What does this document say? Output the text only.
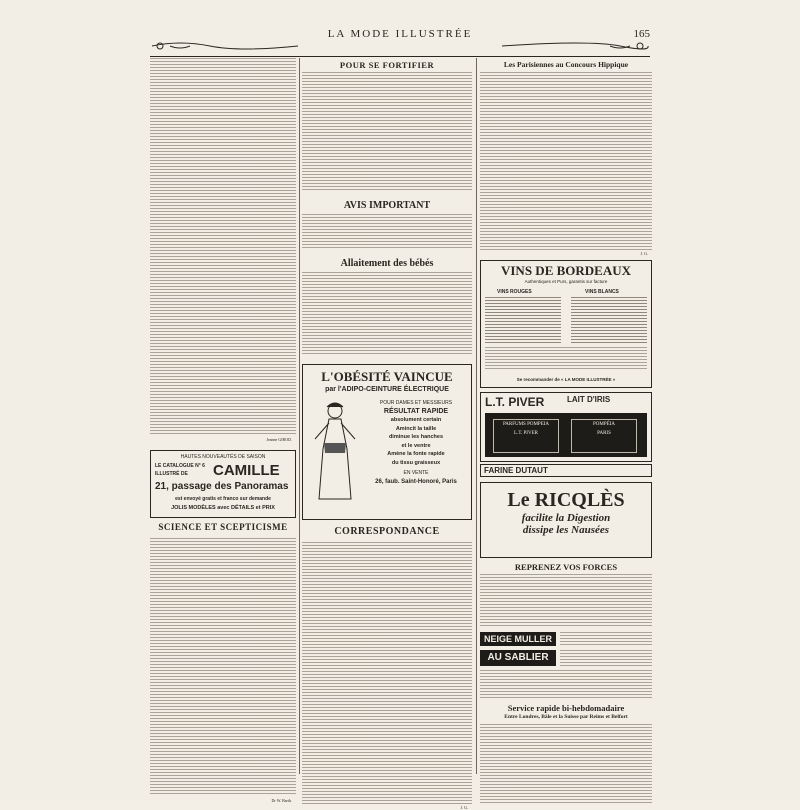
LA MODE ILLUSTRÉE	165
Jeanne GIROD.
HAUTES NOUVEAUTÉS DE SAISON
LE CATALOGUE N° 6
ILLUSTRÉ DE CAMILLE
21, passage des Panoramas
est envoyé gratis et franco sur demande
JOLIS MODÈLES avec DÉTAILS et PRIX
SCIENCE ET SCEPTICISME
Dr W. Barth.
POUR SE FORTIFIER
AVIS IMPORTANT
Allaitement des bébés
L'OBÉSITÉ VAINCUE
par l'ADIPO-CEINTURE ÉLECTRIQUE
POUR DAMES ET MESSIEURS
RÉSULTAT RAPIDE
absolument certain
Amincit la taille
diminue les hanches
et le ventre
Amène la fonte rapide
du tissu graisseux
EN VENTE
26, faub. Saint-Honoré, Paris
CORRESPONDANCE
J. G.
Les Parisiennes au Concours Hippique
J. G.
VINS DE BORDEAUX
Authentiques et Purs, garantis sur facture
VINS ROUGES	VINS BLANCS
Se recommander de « LA MODE ILLUSTRÉE »
L.T. PIVER	LAIT D'IRIS
PARFUMS POMPEIA
L.T. PIVER
POMPÉIA
PARIS
FARINE DUTAUT
Le RICQLÈS
facilite la Digestion
dissipe les Nausées
REPRENEZ VOS FORCES
NEIGE MULLER
AU SABLIER
Service rapide bi-hebdomadaire
Entre Londres, Bâle et la Suisse par Reims et Belfort
